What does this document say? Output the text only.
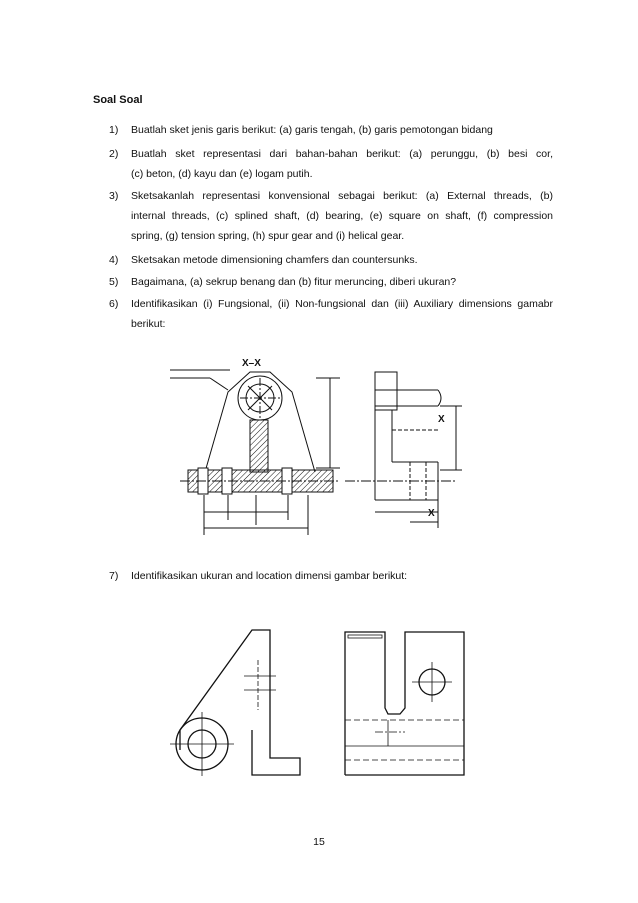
Soal Soal
1) Buatlah sket jenis garis berikut: (a) garis tengah, (b) garis pemotongan bidang
2) Buatlah sket representasi dari bahan-bahan berikut: (a) perunggu, (b) besi cor,
(c) beton, (d) kayu dan (e) logam putih.
3) Sketsakanlah representasi konvensional sebagai berikut: (a) External threads, (b)
internal threads, (c) splined shaft, (d) bearing, (e) square on shaft, (f) compression
spring, (g) tension spring, (h) spur gear and (i) helical gear.
4) Sketsakan metode dimensioning chamfers dan countersunks.
5) Bagaimana, (a) sekrup benang dan (b) fitur meruncing, diberi ukuran?
6) Identifikasikan (i) Fungsional, (ii) Non-fungsional dan (iii) Auxiliary dimensions gamabr
berikut:
X–X
X
X
7) Identifikasikan ukuran and location dimensi gambar berikut:
15
